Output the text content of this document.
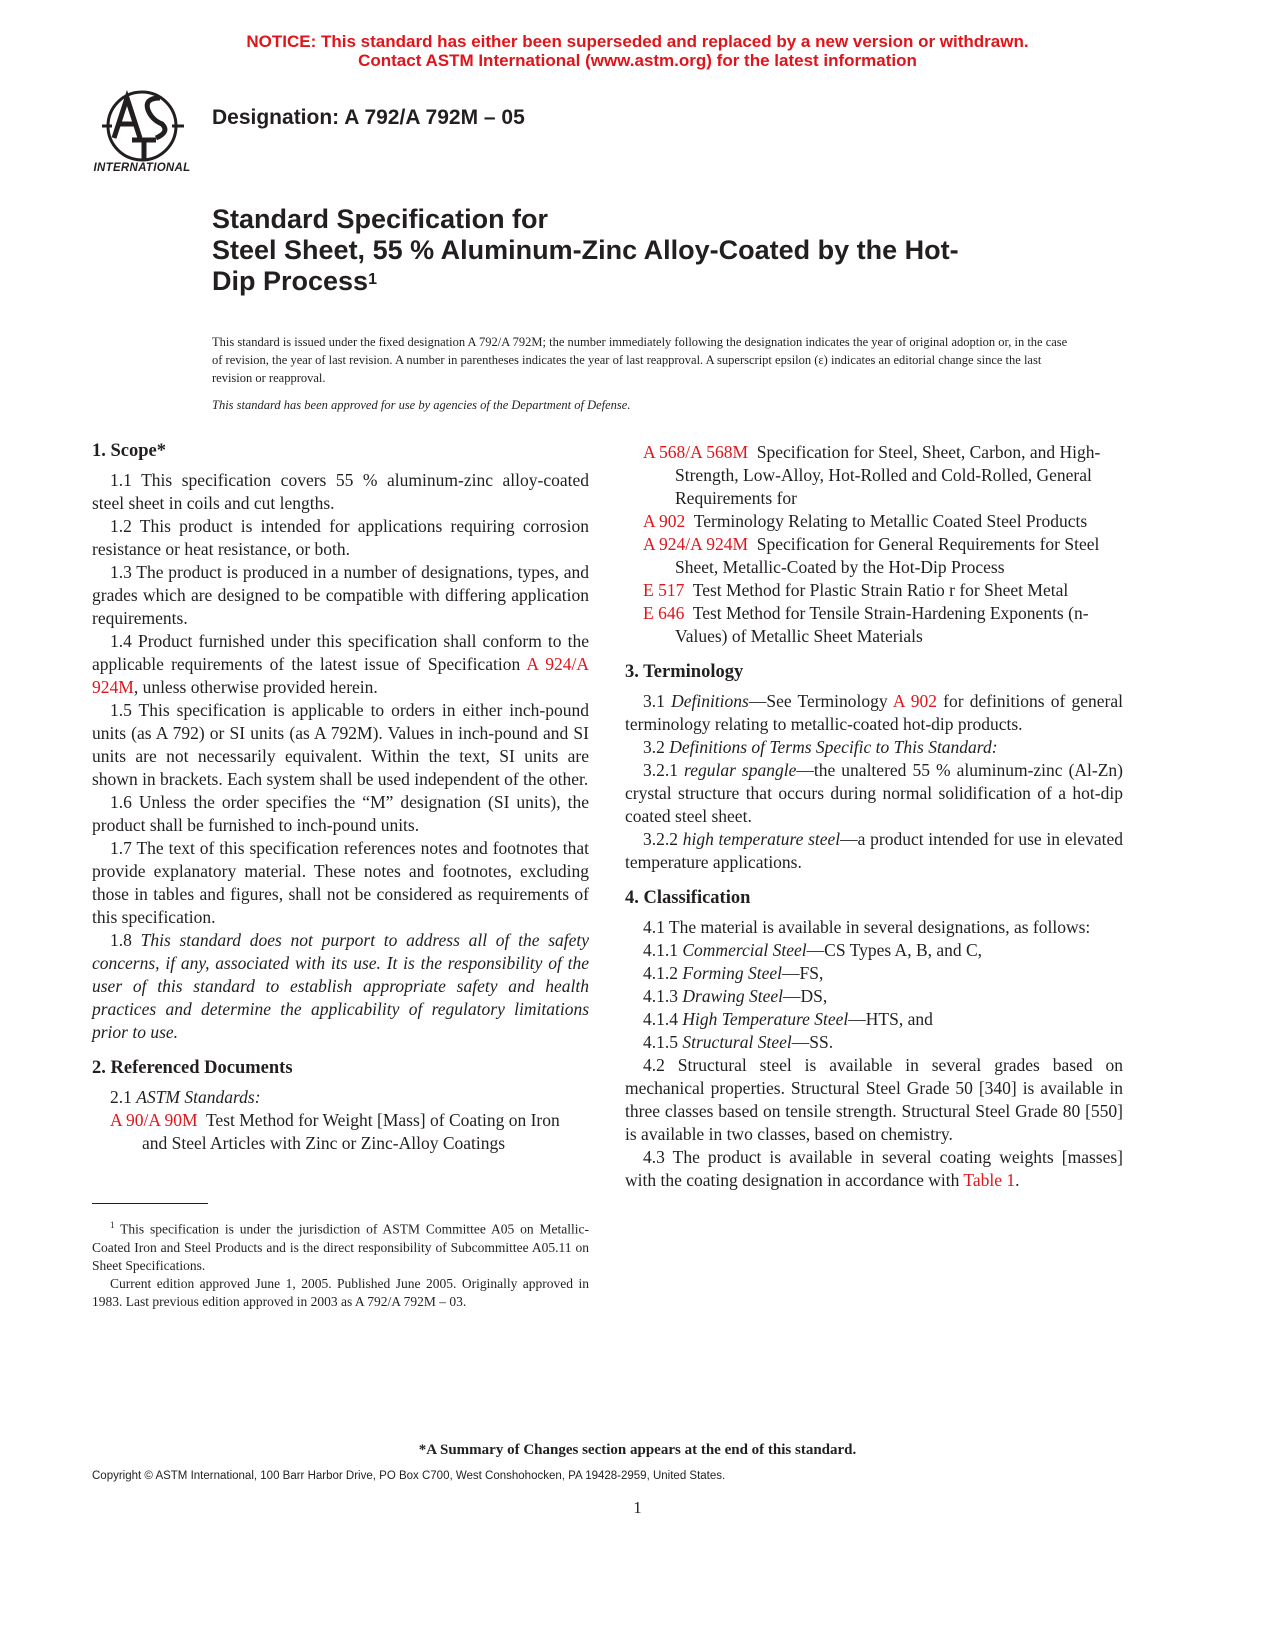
NOTICE: This standard has either been superseded and replaced by a new version or withdrawn.
Contact ASTM International (www.astm.org) for the latest information
INTERNATIONAL
Designation: A 792/A 792M – 05
Standard Specification for
Steel Sheet, 55 % Aluminum-Zinc Alloy-Coated by the Hot-
Dip Process$^1$

This standard is issued under the fixed designation A 792/A 792M; the number immediately following the designation indicates the year of original adoption or, in the case of revision, the year of last revision. A number in parentheses indicates the year of last reapproval. A superscript epsilon (ε) indicates an editorial change since the last revision or reapproval.

This standard has been approved for use by agencies of the Department of Defense.

1. Scope*

1.1 This specification covers 55 % aluminum-zinc alloy-coated steel sheet in coils and cut lengths.

1.2 This product is intended for applications requiring corrosion resistance or heat resistance, or both.

1.3 The product is produced in a number of designations, types, and grades which are designed to be compatible with differing application requirements.

1.4 Product furnished under this specification shall conform to the applicable requirements of the latest issue of Specification A 924/A 924M, unless otherwise provided herein.

1.5 This specification is applicable to orders in either inch-pound units (as A 792) or SI units (as A 792M). Values in inch-pound and SI units are not necessarily equivalent. Within the text, SI units are shown in brackets. Each system shall be used independent of the other.

1.6 Unless the order specifies the “M” designation (SI units), the product shall be furnished to inch-pound units.

1.7 The text of this specification references notes and footnotes that provide explanatory material. These notes and footnotes, excluding those in tables and figures, shall not be considered as requirements of this specification.

1.8 This standard does not purport to address all of the safety concerns, if any, associated with its use. It is the responsibility of the user of this standard to establish appropriate safety and health practices and determine the applicability of regulatory limitations prior to use.

2. Referenced Documents

2.1 ASTM Standards:

A 90/A 90M Test Method for Weight [Mass] of Coating on Iron and Steel Articles with Zinc or Zinc-Alloy Coatings

$^1$ This specification is under the jurisdiction of ASTM Committee A05 on Metallic-Coated Iron and Steel Products and is the direct responsibility of Subcommittee A05.11 on Sheet Specifications.

Current edition approved June 1, 2005. Published June 2005. Originally approved in 1983. Last previous edition approved in 2003 as A 792/A 792M – 03.

A 568/A 568M Specification for Steel, Sheet, Carbon, and High-Strength, Low-Alloy, Hot-Rolled and Cold-Rolled, General Requirements for

A 902 Terminology Relating to Metallic Coated Steel Products

A 924/A 924M Specification for General Requirements for Steel Sheet, Metallic-Coated by the Hot-Dip Process

E 517 Test Method for Plastic Strain Ratio r for Sheet Metal

E 646 Test Method for Tensile Strain-Hardening Exponents (n-Values) of Metallic Sheet Materials

3. Terminology

3.1 Definitions—See Terminology A 902 for definitions of general terminology relating to metallic-coated hot-dip products.

3.2 Definitions of Terms Specific to This Standard:

3.2.1 regular spangle—the unaltered 55 % aluminum-zinc (Al-Zn) crystal structure that occurs during normal solidification of a hot-dip coated steel sheet.

3.2.2 high temperature steel—a product intended for use in elevated temperature applications.

4. Classification

4.1 The material is available in several designations, as follows:

4.1.1 Commercial Steel—CS Types A, B, and C,

4.1.2 Forming Steel—FS,

4.1.3 Drawing Steel—DS,

4.1.4 High Temperature Steel—HTS, and

4.1.5 Structural Steel—SS.

4.2 Structural steel is available in several grades based on mechanical properties. Structural Steel Grade 50 [340] is available in three classes based on tensile strength. Structural Steel Grade 80 [550] is available in two classes, based on chemistry.

4.3 The product is available in several coating weights [masses] with the coating designation in accordance with Table 1.

*A Summary of Changes section appears at the end of this standard.
Copyright © ASTM International, 100 Barr Harbor Drive, PO Box C700, West Conshohocken, PA 19428-2959, United States.
1
